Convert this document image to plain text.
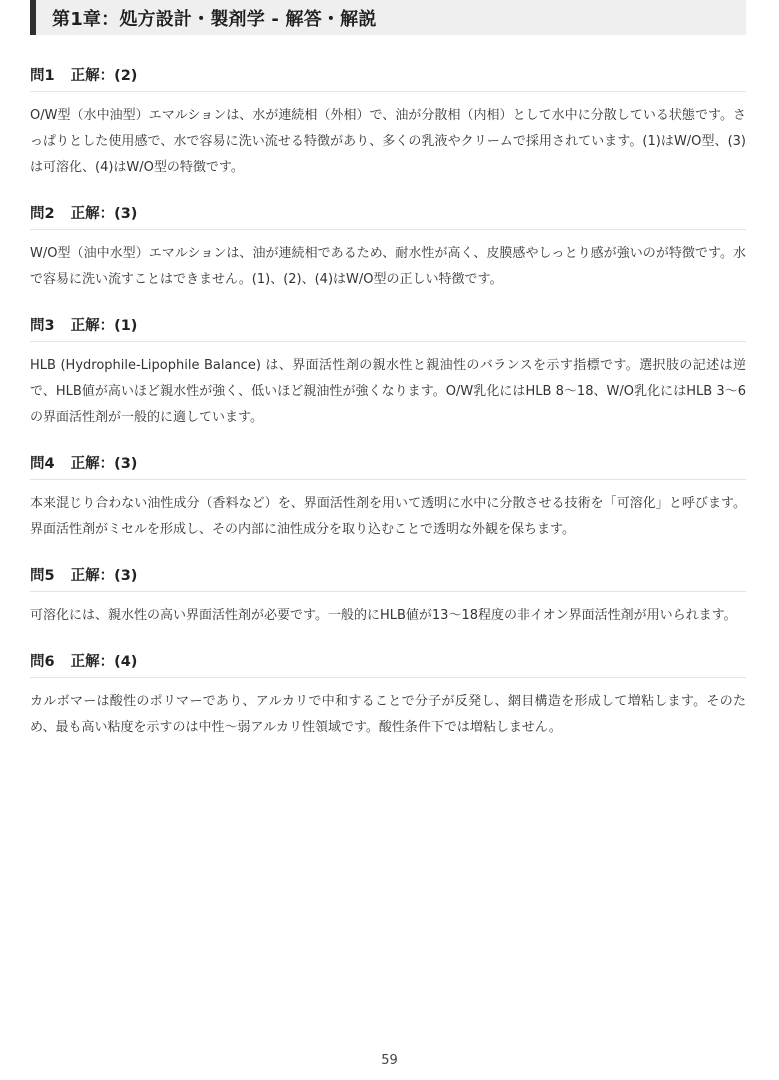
第1章：処方設計・製剤学 - 解答・解説
問1 正解：(2)
O/W型（水中油型）エマルションは、水が連続相（外相）で、油が分散相（内相）として水中に分散している状態です。さっぱりとした使用感で、水で容易に洗い流せる特徴があり、多くの乳液やクリームで採用されています。(1)はW/O型、(3)は可溶化、(4)はW/O型の特徴です。
問2 正解：(3)
W/O型（油中水型）エマルションは、油が連続相であるため、耐水性が高く、皮膜感やしっとり感が強いのが特徴です。水で容易に洗い流すことはできません。(1)、(2)、(4)はW/O型の正しい特徴です。
問3 正解：(1)
HLB (Hydrophile-Lipophile Balance) は、界面活性剤の親水性と親油性のバランスを示す指標です。選択肢の記述は逆で、HLB値が高いほど親水性が強く、低いほど親油性が強くなります。O/W乳化にはHLB 8〜18、W/O乳化にはHLB 3〜6の界面活性剤が一般的に適しています。
問4 正解：(3)
本来混じり合わない油性成分（香料など）を、界面活性剤を用いて透明に水中に分散させる技術を「可溶化」と呼びます。界面活性剤がミセルを形成し、その内部に油性成分を取り込むことで透明な外観を保ちます。
問5 正解：(3)
可溶化には、親水性の高い界面活性剤が必要です。一般的にHLB値が13〜18程度の非イオン界面活性剤が用いられます。
問6 正解：(4)
カルボマーは酸性のポリマーであり、アルカリで中和することで分子が反発し、網目構造を形成して増粘します。そのため、最も高い粘度を示すのは中性〜弱アルカリ性領域です。酸性条件下では増粘しません。
59
